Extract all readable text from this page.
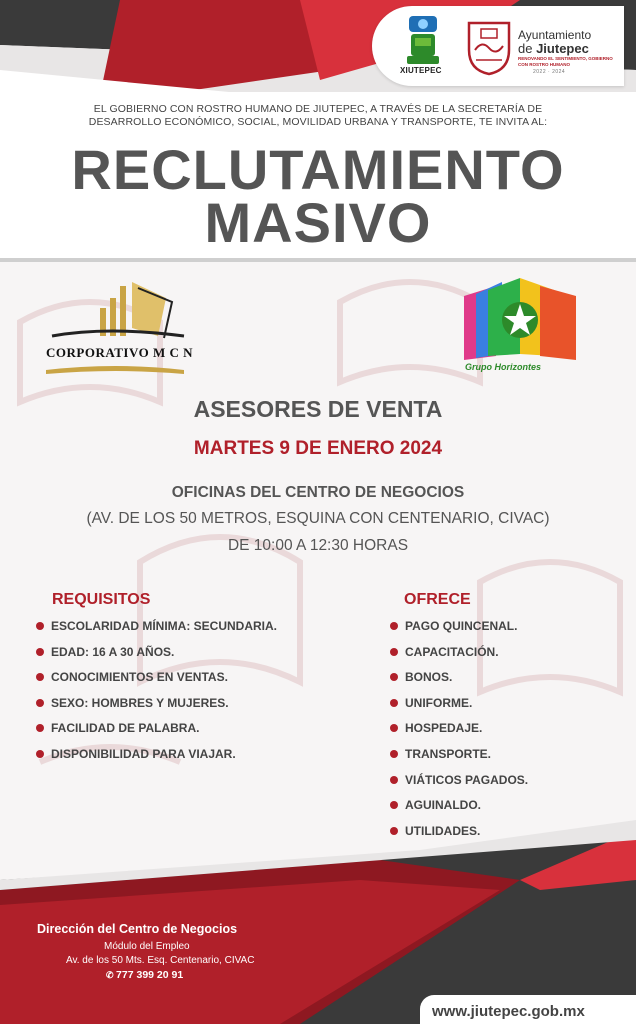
XIUTEPEC
Ayuntamiento
de Jiutepec
RENOVANDO EL SENTIMIENTO, GOBIERNO CON ROSTRO HUMANO
2022 · 2024
EL GOBIERNO CON ROSTRO HUMANO DE JIUTEPEC, A TRAVÉS DE LA SECRETARÍA DE
DESARROLLO ECONÓMICO, SOCIAL, MOVILIDAD URBANA Y TRANSPORTE, TE INVITA AL:
RECLUTAMIENTO
MASIVO
CORPORATIVO M C N
Grupo Horizontes
ASESORES DE VENTA
MARTES 9 DE ENERO 2024
OFICINAS DEL CENTRO DE NEGOCIOS
(AV. DE LOS 50 METROS, ESQUINA CON CENTENARIO, CIVAC)
DE 10:00 A 12:30 HORAS
REQUISITOS
ESCOLARIDAD MÍNIMA: SECUNDARIA.
EDAD: 16 A 30 AÑOS.
CONOCIMIENTOS EN VENTAS.
SEXO: HOMBRES Y MUJERES.
FACILIDAD DE PALABRA.
DISPONIBILIDAD PARA VIAJAR.
OFRECE
PAGO QUINCENAL.
CAPACITACIÓN.
BONOS.
UNIFORME.
HOSPEDAJE.
TRANSPORTE.
VIÁTICOS PAGADOS.
AGUINALDO.
UTILIDADES.
Dirección del Centro de Negocios
Módulo del Empleo
Av. de los 50 Mts. Esq. Centenario, CIVAC
✆ 777 399 20 91
www.jiutepec.gob.mx
